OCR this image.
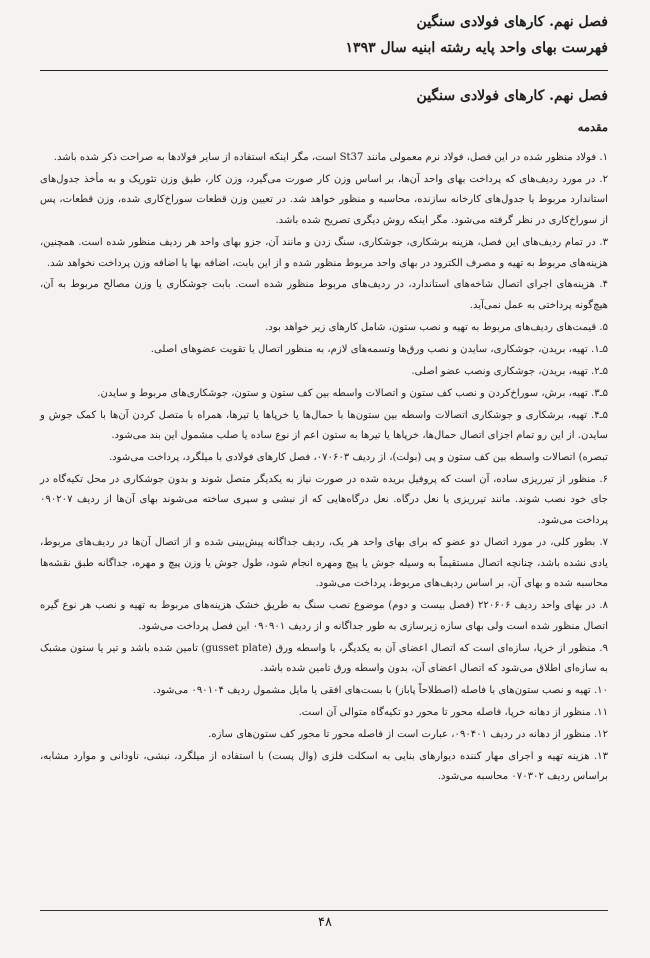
فصل نهم. کارهای فولادی سنگین
فهرست بهای واحد پایه رشته ابنیه سال ۱۳۹۳
فصل نهم. کارهای فولادی سنگین
مقدمه

۱. فولاد منظور شده در این فصل، فولاد نرم معمولی مانند St37 است، مگر اینکه استفاده از سایر فولادها به صراحت ذکر شده باشد.

۲. در مورد ردیف‌های که پرداخت بهای واحد آن‌ها، بر اساس وزن کار صورت می‌گیرد، وزن کار، طبق وزن تئوریک و به مأخذ جدول‌های استاندارد مربوط یا جدول‌های کارخانه سازنده، محاسبه و منظور خواهد شد. در تعیین وزن قطعات سوراخ‌کاری شده، وزن قطعات، پس از سوراخ‌کاری در نظر گرفته می‌شود. مگر اینکه روش دیگری تصریح شده باشد.

۳. در تمام ردیف‌های این فصل، هزینه برشکاری، جوشکاری، سنگ زدن و مانند آن، جزو بهای واحد هر ردیف منظور شده است. همچنین، هزینه‌های مربوط به تهیه و مصرف الکترود در بهای واحد مربوط منظور شده و از این بابت، اضافه بها یا اضافه وزن پرداخت نخواهد شد.

۴. هزینه‌های اجرای اتصال شاخه‌های استاندارد، در ردیف‌های مربوط منظور شده است. بابت جوشکاری یا وزن مصالح مربوط به آن، هیچ‌گونه پرداختی به عمل نمی‌آید.

۵. قیمت‌های ردیف‌های مربوط به تهیه و نصب ستون، شامل کارهای زیر خواهد بود.

۵ـ۱. تهیه، بریدن، جوشکاری، سایدن و نصب ورق‌ها وتسمه‌های لازم، به منظور اتصال یا تقویت عضوهای اصلی.

۵ـ۲. تهیه، بریدن، جوشکاری ونصب عضو اصلی.

۵ـ۳. تهیه، برش، سوراخ‌کردن و نصب کف ستون و اتصالات واسطه بین کف ستون و ستون، جوشکاری‌های مربوط و سایدن.

۵ـ۴. تهیه، برشکاری و جوشکاری اتصالات واسطه بین ستون‌ها با حمال‌ها یا خرپاها یا تیرها، همراه با متصل کردن آن‌ها با کمک جوش و سایدن. از این رو تمام اجزای اتصال حمال‌ها، خرپاها یا تیرها به ستون اعم از نوع ساده یا صلب مشمول این بند می‌شود.

تبصره) اتصالات واسطه بین کف ستون و پی (بولت)، از ردیف ۰۷۰۶۰۳، فصل کارهای فولادی با میلگرد، پرداخت می‌شود.

۶. منظور از تیرریزی ساده، آن است که پروفیل بریده شده در صورت نیاز به یکدیگر متصل شوند و بدون جوشکاری در محل تکیه‌گاه در جای خود نصب شوند. مانند تیرریزی یا نعل درگاه. نعل درگاه‌هایی که از نبشی و سپری ساخته می‌شوند بهای آن‌ها از ردیف ۰۹۰۲۰۷ پرداخت می‌شود.

۷. بطور کلی، در مورد اتصال دو عضو که برای بهای واحد هر یک، ردیف جداگانه پیش‌بینی شده و از اتصال آن‌ها در ردیف‌های مربوط، یادی نشده باشد، چنانچه اتصال مستقیماً به وسیله جوش یا پیچ ومهره انجام شود، طول جوش یا وزن پیچ و مهره، جداگانه طبق نقشه‌ها محاسبه شده و بهای آن، بر اساس ردیف‌های مربوط، پرداخت می‌شود.

۸. در بهای واحد ردیف ۲۲۰۶۰۶ (فصل بیست و دوم) موضوع نصب سنگ به طریق خشک هزینه‌های مربوط به تهیه و نصب هر نوع گیره اتصال منظور شده است ولی بهای سازه زیرسازی به طور جداگانه و از ردیف ۰۹۰۹۰۱ این فصل پرداخت می‌شود.

۹. منظور از خرپا، سازه‌ای است که اتصال اعضای آن به یکدیگر، با واسطه ورق (gusset plate) تامین شده باشد و تیر یا ستون مشبک به سازه‌ای اطلاق می‌شود که اتصال اعضای آن، بدون واسطه ورق تامین شده باشد.

۱۰. تهیه و نصب ستون‌های با فاصله (اصطلاحاً پاباز) با بست‌های افقی یا مایل مشمول ردیف ۰۹۰۱۰۴ می‌شود.

۱۱. منظور از دهانه خرپا، فاصله محور تا محور دو تکیه‌گاه متوالی آن است.

۱۲. منظور از دهانه در ردیف ۰۹۰۴۰۱، عبارت است از فاصله محور تا محور کف ستون‌های سازه.

۱۳. هزینه تهیه و اجرای مهار کننده دیوارهای بنایی به اسکلت فلزی (وال پست) با استفاده از میلگرد، نبشی، ناودانی و موارد مشابه، براساس ردیف ۰۷۰۳۰۲ محاسبه می‌شود.

۴۸
